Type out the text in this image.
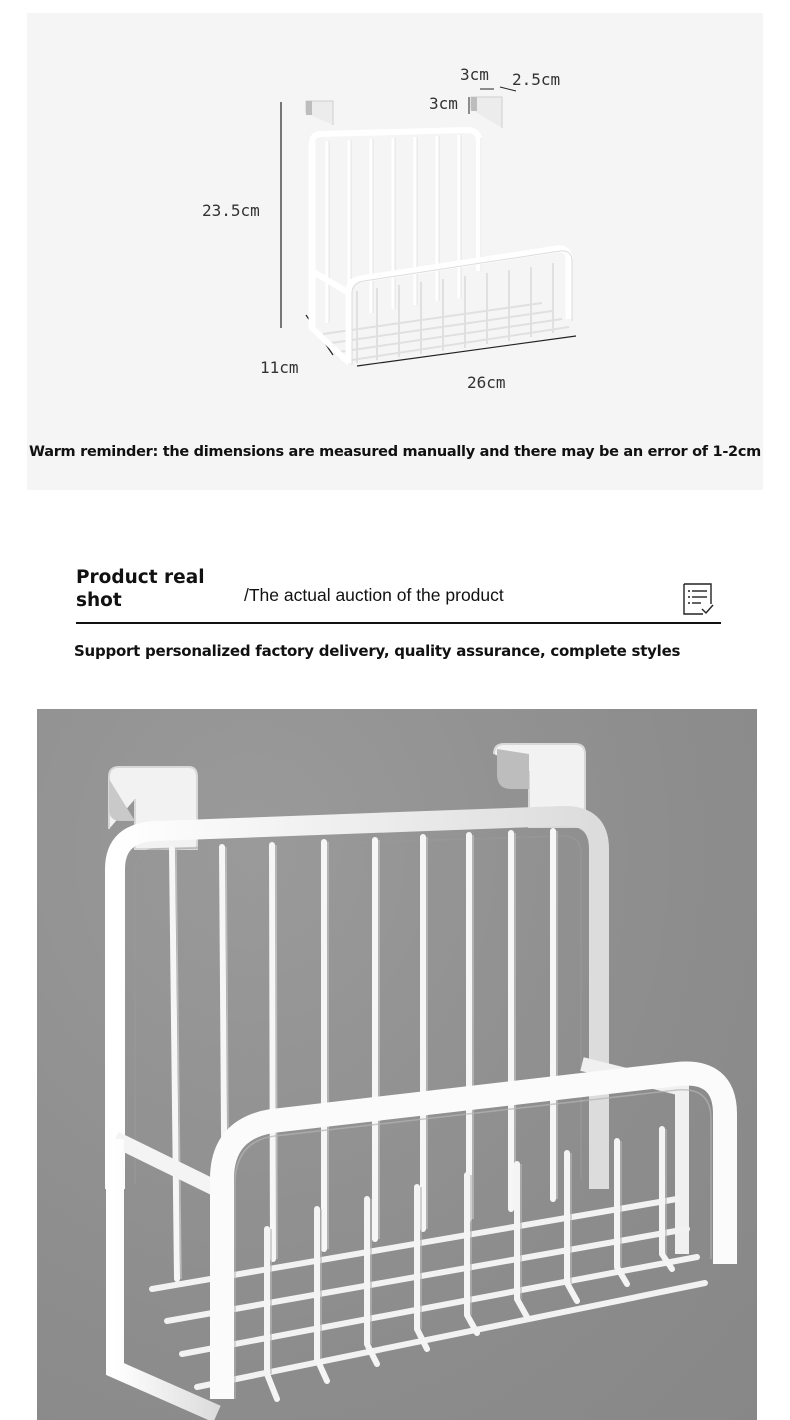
3cm 2.5cm
3cm
23.5cm
11cm
26cm
Warm reminder: the dimensions are measured manually and there may be an error of 1-2cm
Product real shot	/The actual auction of the product
Support personalized factory delivery, quality assurance, complete styles
